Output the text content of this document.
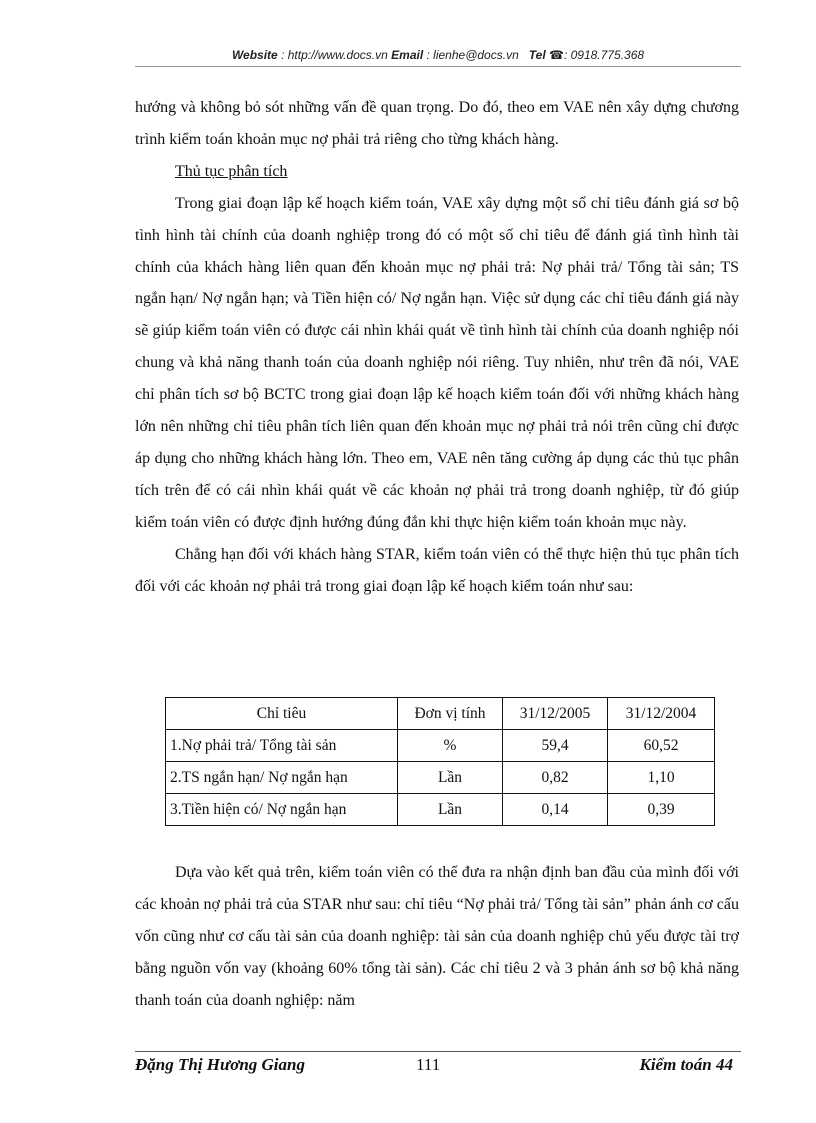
Website : http://www.docs.vn Email : lienhe@docs.vn Tel ☎: 0918.775.368

hướng và không bỏ sót những vấn đề quan trọng. Do đó, theo em VAE nên xây dựng chương trình kiểm toán khoản mục nợ phải trả riêng cho từng khách hàng.

Thủ tục phân tích

Trong giai đoạn lập kế hoạch kiểm toán, VAE xây dựng một số chỉ tiêu đánh giá sơ bộ tình hình tài chính của doanh nghiệp trong đó có một số chỉ tiêu để đánh giá tình hình tài chính của khách hàng liên quan đến khoản mục nợ phải trả: Nợ phải trả/ Tổng tài sản; TS ngắn hạn/ Nợ ngắn hạn; và Tiền hiện có/ Nợ ngắn hạn. Việc sử dụng các chỉ tiêu đánh giá này sẽ giúp kiểm toán viên có được cái nhìn khái quát về tình hình tài chính của doanh nghiệp nói chung và khả năng thanh toán của doanh nghiệp nói riêng. Tuy nhiên, như trên đã nói, VAE chỉ phân tích sơ bộ BCTC trong giai đoạn lập kế hoạch kiểm toán đối với những khách hàng lớn nên những chỉ tiêu phân tích liên quan đến khoản mục nợ phải trả nói trên cũng chỉ được áp dụng cho những khách hàng lớn. Theo em, VAE nên tăng cường áp dụng các thủ tục phân tích trên để có cái nhìn khái quát về các khoản nợ phải trả trong doanh nghiệp, từ đó giúp kiểm toán viên có được định hướng đúng đắn khi thực hiện kiểm toán khoản mục này.

Chẳng hạn đối với khách hàng STAR, kiểm toán viên có thể thực hiện thủ tục phân tích đối với các khoản nợ phải trả trong giai đoạn lập kế hoạch kiểm toán như sau:

Chỉ tiêu	Đơn vị tính	31/12/2005	31/12/2004
1.Nợ phải trả/ Tổng tài sản	%	59,4	60,52
2.TS ngắn hạn/ Nợ ngắn hạn	Lần	0,82	1,10
3.Tiền hiện có/ Nợ ngắn hạn	Lần	0,14	0,39

Dựa vào kết quả trên, kiểm toán viên có thể đưa ra nhận định ban đầu của mình đối với các khoản nợ phải trả của STAR như sau: chỉ tiêu “Nợ phải trả/ Tổng tài sản” phản ánh cơ cấu vốn cũng như cơ cấu tài sản của doanh nghiệp: tài sản của doanh nghiệp chủ yếu được tài trợ bằng nguồn vốn vay (khoảng 60% tổng tài sản). Các chỉ tiêu 2 và 3 phản ánh sơ bộ khả năng thanh toán của doanh nghiệp: năm

Đặng Thị Hương Giang	111	Kiểm toán 44
